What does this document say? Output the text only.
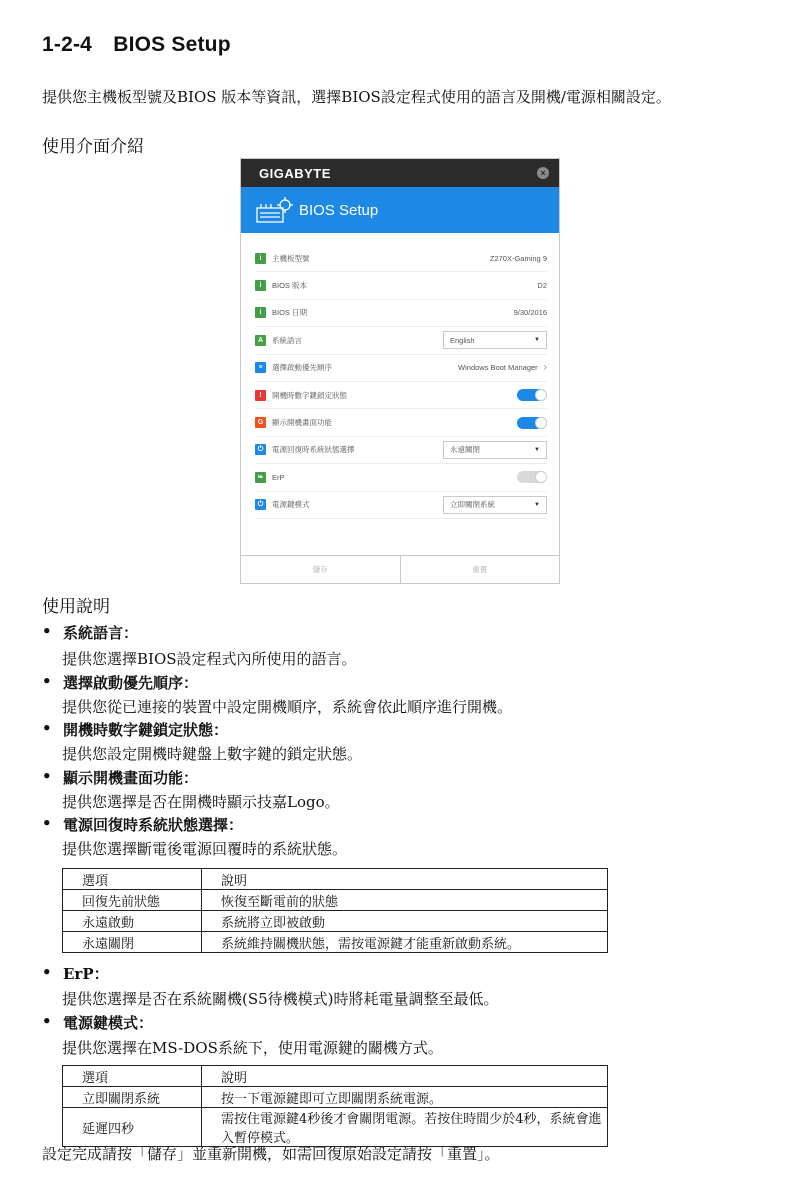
1-2-4　BIOS Setup
提供您主機板型號及BIOS 版本等資訊，選擇BIOS設定程式使用的語言及開機/電源相關設定。
使用介面介紹
GIGABYTE	×
BIOS Setup
i	主機板型號	Z270X-Gaming 9
i	BIOS 版本	D2
i	BIOS 日期	9/30/2016
A	系統語言	English	▼
≡	選擇啟動優先順序	Windows Boot Manager ›
!	開機時數字鍵鎖定狀態
G	顯示開機畫面功能
⏻	電源回復時系統狀態選擇	永遠關閉	▼
❧	ErP
⏻	電源鍵模式	立即關閉系統	▼
儲存	重置
使用說明
• 系統語言：
提供您選擇BIOS設定程式內所使用的語言。
• 選擇啟動優先順序：
提供您從已連接的裝置中設定開機順序，系統會依此順序進行開機。
• 開機時數字鍵鎖定狀態：
提供您設定開機時鍵盤上數字鍵的鎖定狀態。
• 顯示開機畫面功能：
提供您選擇是否在開機時顯示技嘉Logo。
• 電源回復時系統狀態選擇：
提供您選擇斷電後電源回覆時的系統狀態。
選項	說明
回復先前狀態	恢復至斷電前的狀態
永遠啟動	系統將立即被啟動
永遠關閉	系統維持關機狀態，需按電源鍵才能重新啟動系統。
• ErP：
提供您選擇是否在系統關機(S5待機模式)時將耗電量調整至最低。
• 電源鍵模式：
提供您選擇在MS-DOS系統下，使用電源鍵的關機方式。
選項	說明
立即關閉系統	按一下電源鍵即可立即關閉系統電源。
延遲四秒	需按住電源鍵4秒後才會關閉電源。若按住時間少於4秒，系統會進入暫停模式。
設定完成請按「儲存」並重新開機，如需回復原始設定請按「重置」。
